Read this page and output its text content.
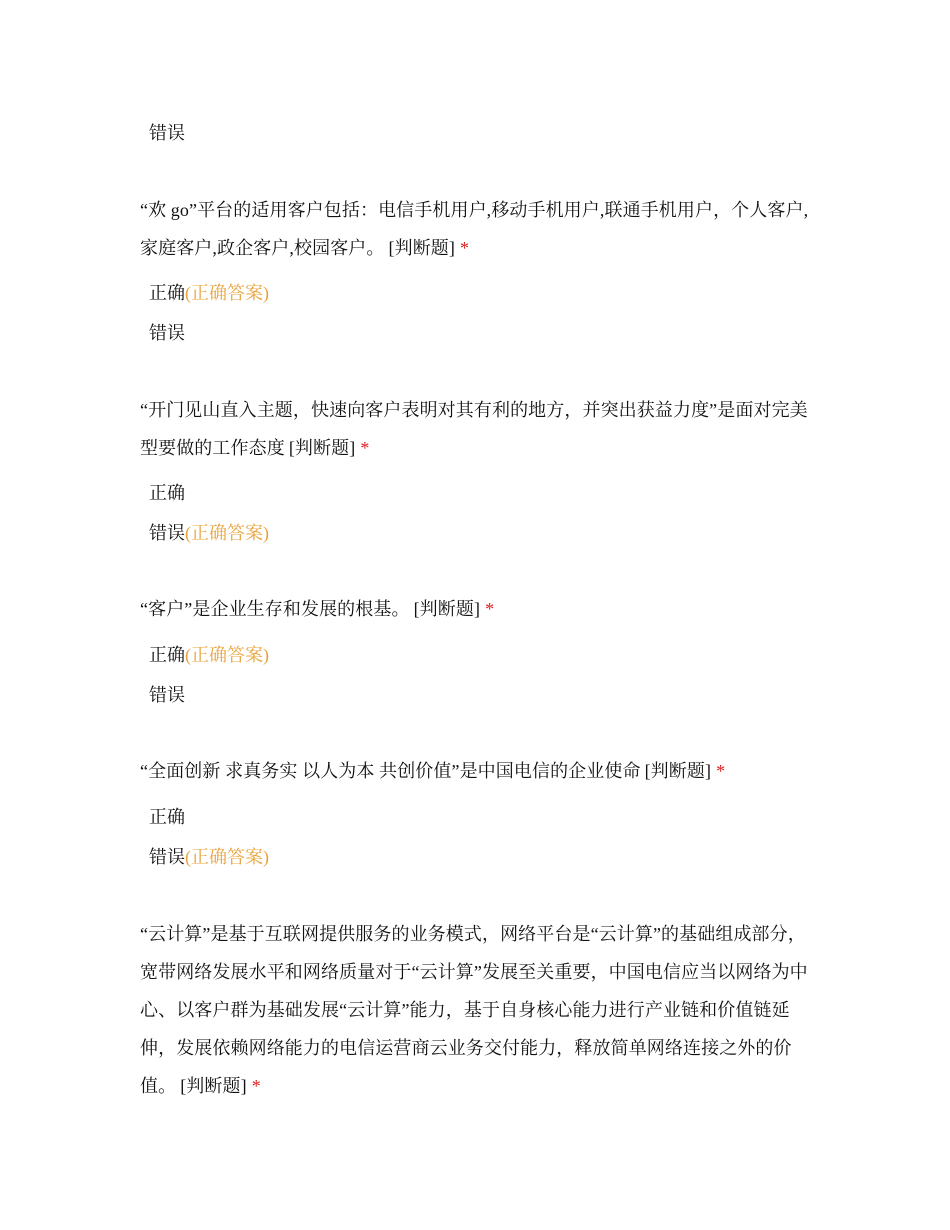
错误
“欢 go”平台的适用客户包括：电信手机用户,移动手机用户,联通手机用户，个人客户,家庭客户,政企客户,校园客户。 [判断题] *
正确(正确答案)
错误
“开门见山直入主题，快速向客户表明对其有利的地方，并突出获益力度”是面对完美型要做的工作态度 [判断题] *
正确
错误(正确答案)
“客户”是企业生存和发展的根基。 [判断题] *
正确(正确答案)
错误
“全面创新 求真务实 以人为本 共创价值”是中国电信的企业使命 [判断题] *
正确
错误(正确答案)
“云计算”是基于互联网提供服务的业务模式，网络平台是“云计算”的基础组成部分，宽带网络发展水平和网络质量对于“云计算”发展至关重要，中国电信应当以网络为中心、以客户群为基础发展“云计算”能力，基于自身核心能力进行产业链和价值链延伸，发展依赖网络能力的电信运营商云业务交付能力，释放简单网络连接之外的价值。 [判断题] *
